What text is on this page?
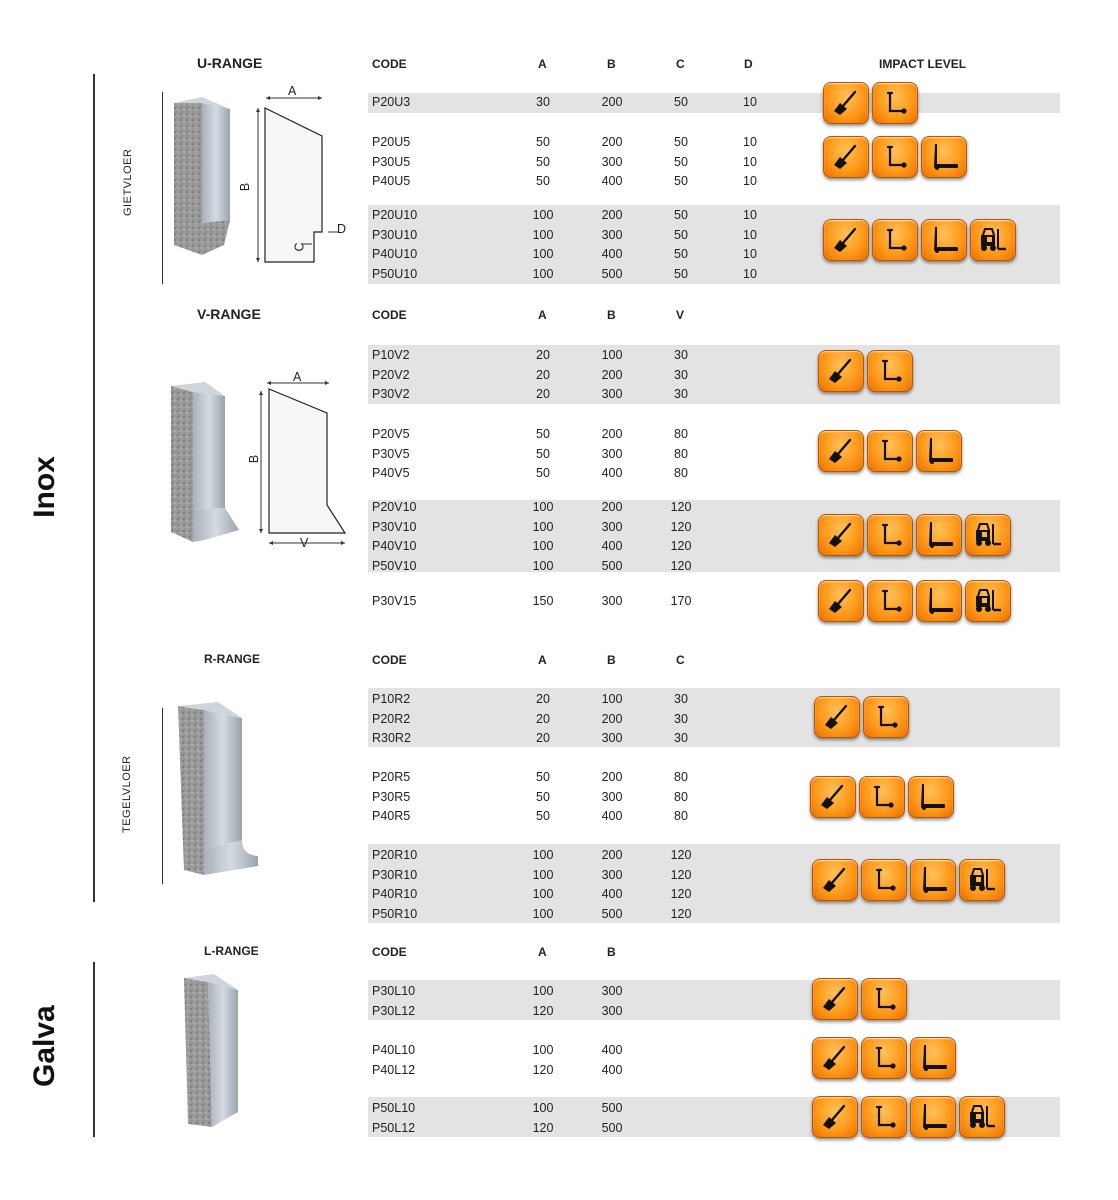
Inox
Galva
GIETVLOER
TEGELVLOER
U-RANGE
V-RANGE
R-RANGE
L-RANGE
CODE	A	B	C	D	IMPACT LEVEL
CODE	A	B	V
CODE	A	B	C
CODE	A	B
P20U3	30	200	50	10
P20U5	50	200	50	10
P30U5	50	300	50	10
P40U5	50	400	50	10
P20U10	100	200	50	10
P30U10	100	300	50	10
P40U10	100	400	50	10
P50U10	100	500	50	10
P10V2	20	100	30
P20V2	20	200	30
P30V2	20	300	30
P20V5	50	200	80
P30V5	50	300	80
P40V5	50	400	80
P20V10	100	200	120
P30V10	100	300	120
P40V10	100	400	120
P50V10	100	500	120
P30V15	150	300	170
P10R2	20	100	30
P20R2	20	200	30
R30R2	20	300	30
P20R5	50	200	80
P30R5	50	300	80
P40R5	50	400	80
P20R10	100	200	120
P30R10	100	300	120
P40R10	100	400	120
P50R10	100	500	120
P30L10	100	300
P30L12	120	300
P40L10	100	400
P40L12	120	400
P50L10	100	500
P50L12	120	500
A
B
C
D
A
B
V
